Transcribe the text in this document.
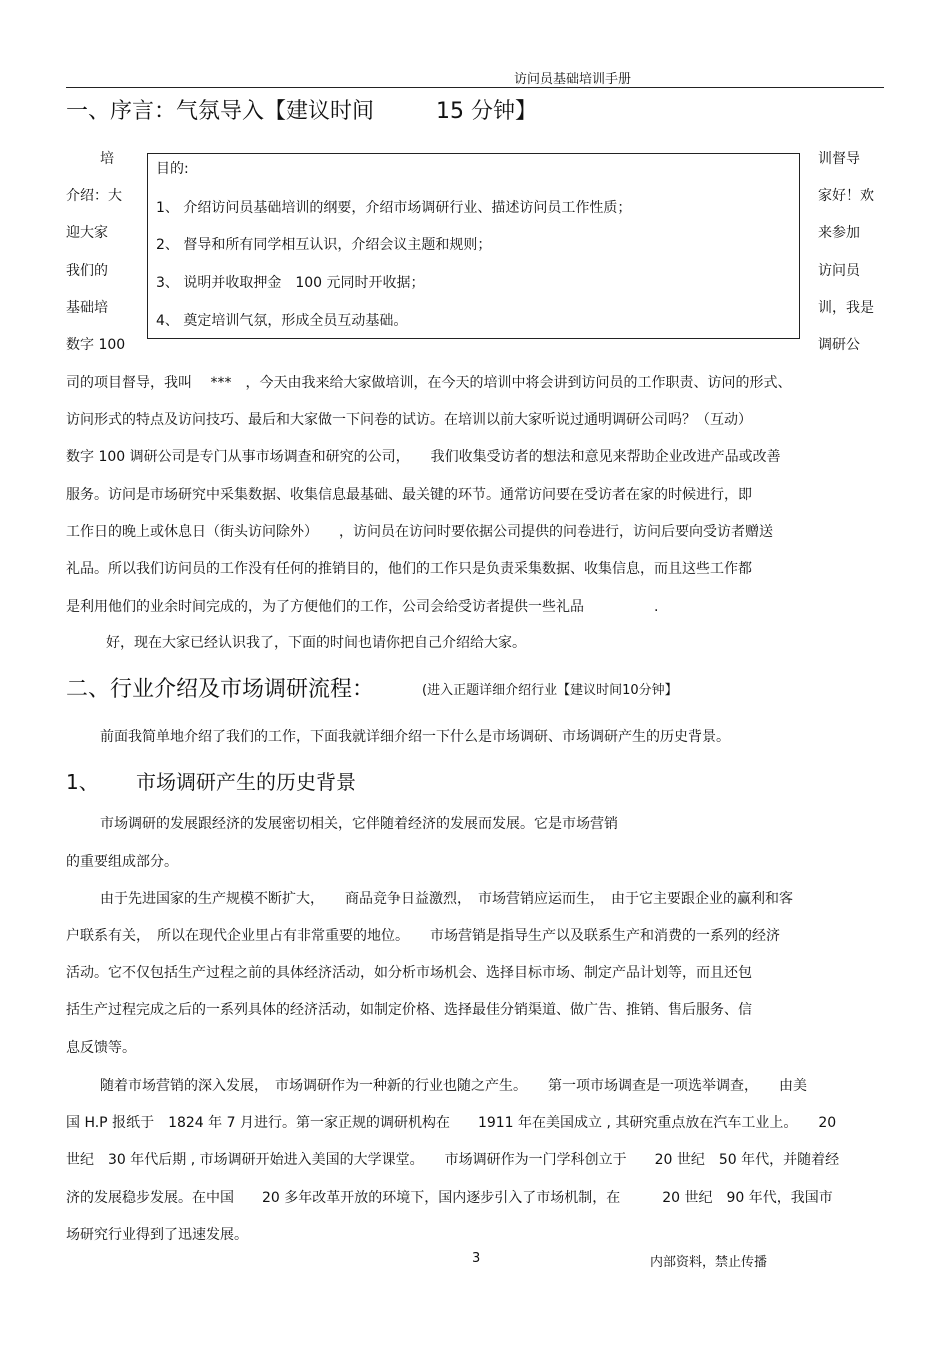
访问员基础培训手册
一、序言：气氛导入【建议时间	15 分钟】
培
介绍：大
迎大家
我们的
基础培
数字 100
训督导
家好！欢
来参加
访问员
训，我是
调研公
目的:
1、 介绍访问员基础培训的纲要，介绍市场调研行业、描述访问员工作性质；
2、 督导和所有同学相互认识，介绍会议主题和规则；
3、 说明并收取押金　100 元同时开收据；
4、 奠定培训气氛，形成全员互动基础。
司的项目督导，我叫　 ***　，今天由我来给大家做培训，在今天的培训中将会讲到访问员的工作职责、访问的形式、
访问形式的特点及访问技巧、最后和大家做一下问卷的试访。在培训以前大家听说过通明调研公司吗？（互动）
数字 100 调研公司是专门从事市场调查和研究的公司，　　我们收集受访者的想法和意见来帮助企业改进产品或改善
服务。访问是市场研究中采集数据、收集信息最基础、最关键的环节。通常访问要在受访者在家的时候进行，即
工作日的晚上或休息日（街头访问除外）　　，访问员在访问时要依据公司提供的问卷进行，访问后要向受访者赠送
礼品。所以我们访问员的工作没有任何的推销目的，他们的工作只是负责采集数据、收集信息，而且这些工作都
是利用他们的业余时间完成的，为了方便他们的工作，公司会给受访者提供一些礼品　　　　　.
好，现在大家已经认识我了，下面的时间也请你把自己介绍给大家。
二、行业介绍及市场调研流程：	(进入正题详细介绍行业【建议时间10分钟】
前面我简单地介绍了我们的工作，下面我就详细介绍一下什么是市场调研、市场调研产生的历史背景。
1、 市场调研产生的历史背景
市场调研的发展跟经济的发展密切相关，它伴随着经济的发展而发展。它是市场营销
的重要组成部分。
由于先进国家的生产规模不断扩大，　　商品竞争日益激烈，　市场营销应运而生，　由于它主要跟企业的赢利和客
户联系有关，　所以在现代企业里占有非常重要的地位。　　市场营销是指导生产以及联系生产和消费的一系列的经济
活动。它不仅包括生产过程之前的具体经济活动，如分析市场机会、选择目标市场、制定产品计划等，而且还包
括生产过程完成之后的一系列具体的经济活动，如制定价格、选择最佳分销渠道、做广告、推销、售后服务、信
息反馈等。
随着市场营销的深入发展，　市场调研作为一种新的行业也随之产生。　　第一项市场调查是一项选举调查，　　由美
国 H.P 报纸于　1824 年 7 月进行。第一家正规的调研机构在　　1911 年在美国成立 , 其研究重点放在汽车工业上。　　20
世纪　30 年代后期 , 市场调研开始进入美国的大学课堂。　　市场调研作为一门学科创立于　　20 世纪　50 年代，并随着经
济的发展稳步发展。在中国　　20 多年改革开放的环境下，国内逐步引入了市场机制，在　　　20 世纪　90 年代，我国市
场研究行业得到了迅速发展。
3	内部资料，禁止传播
